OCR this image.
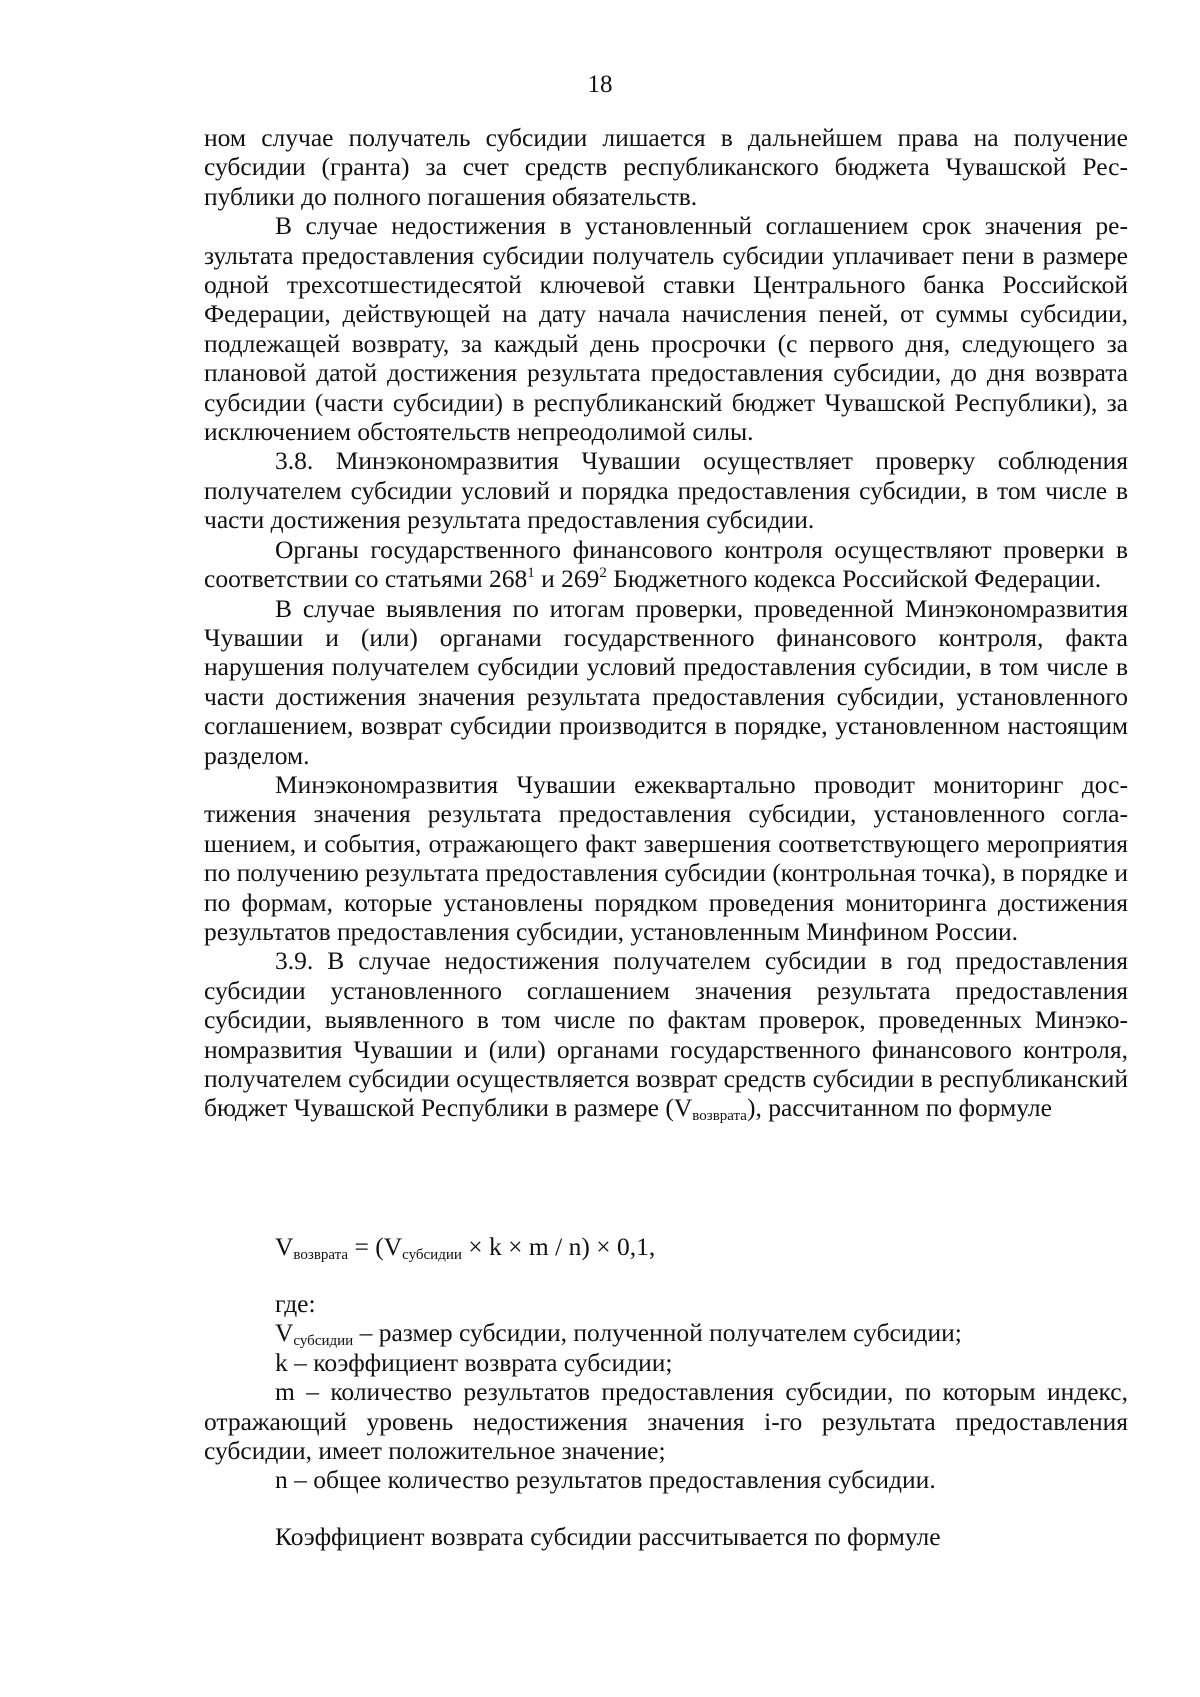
18

ном случае получатель субсидии лишается в дальнейшем права на получение субсидии (гранта) за счет средств республиканского бюджета Чувашской Республики до полного погашения обязательств.

В случае недостижения в установленный соглашением срок значения результата предоставления субсидии получатель субсидии уплачивает пени в размере одной трехсотшестидесятой ключевой ставки Центрального банка Российской Федерации, действующей на дату начала начисления пеней, от суммы субсидии, подлежащей возврату, за каждый день просрочки (с первого дня, следующего за плановой датой достижения результата предоставления субсидии, до дня возврата субсидии (части субсидии) в республиканский бюджет Чувашской Республики), за исключением обстоятельств непреодолимой силы.

3.8. Минэкономразвития Чувашии осуществляет проверку соблюдения получателем субсидии условий и порядка предоставления субсидии, в том числе в части достижения результата предоставления субсидии.

Органы государственного финансового контроля осуществляют проверки в соответствии со статьями $268^1$ и $269^2$ Бюджетного кодекса Российской Федерации.

В случае выявления по итогам проверки, проведенной Минэкономразвития Чувашии и (или) органами государственного финансового контроля, факта нарушения получателем субсидии условий предоставления субсидии, в том числе в части достижения значения результата предоставления субсидии, установленного соглашением, возврат субсидии производится в порядке, установленном настоящим разделом.

Минэкономразвития Чувашии ежеквартально проводит мониторинг достижения значения результата предоставления субсидии, установленного соглашением, и события, отражающего факт завершения соответствующего мероприятия по получению результата предоставления субсидии (контрольная точка), в порядке и по формам, которые установлены порядком проведения мониторинга достижения результатов предоставления субсидии, установленным Минфином России.

3.9. В случае недостижения получателем субсидии в год предоставления субсидии установленного соглашением значения результата предоставления субсидии, выявленного в том числе по фактам проверок, проведенных Минэкономразвития Чувашии и (или) органами государственного финансового контроля, получателем субсидии осуществляется возврат средств субсидии в республиканский бюджет Чувашской Республики в размере $(V_{возврата})$, рассчитанном по формуле

$V_{возврата} = (V_{субсидии} \times k \times m / n) \times 0,1$,

где:

$V_{субсидии}$ – размер субсидии, полученной получателем субсидии;

k – коэффициент возврата субсидии;

m – количество результатов предоставления субсидии, по которым индекс, отражающий уровень недостижения значения i-го результата предоставления субсидии, имеет положительное значение;

n – общее количество результатов предоставления субсидии.

Коэффициент возврата субсидии рассчитывается по формуле
